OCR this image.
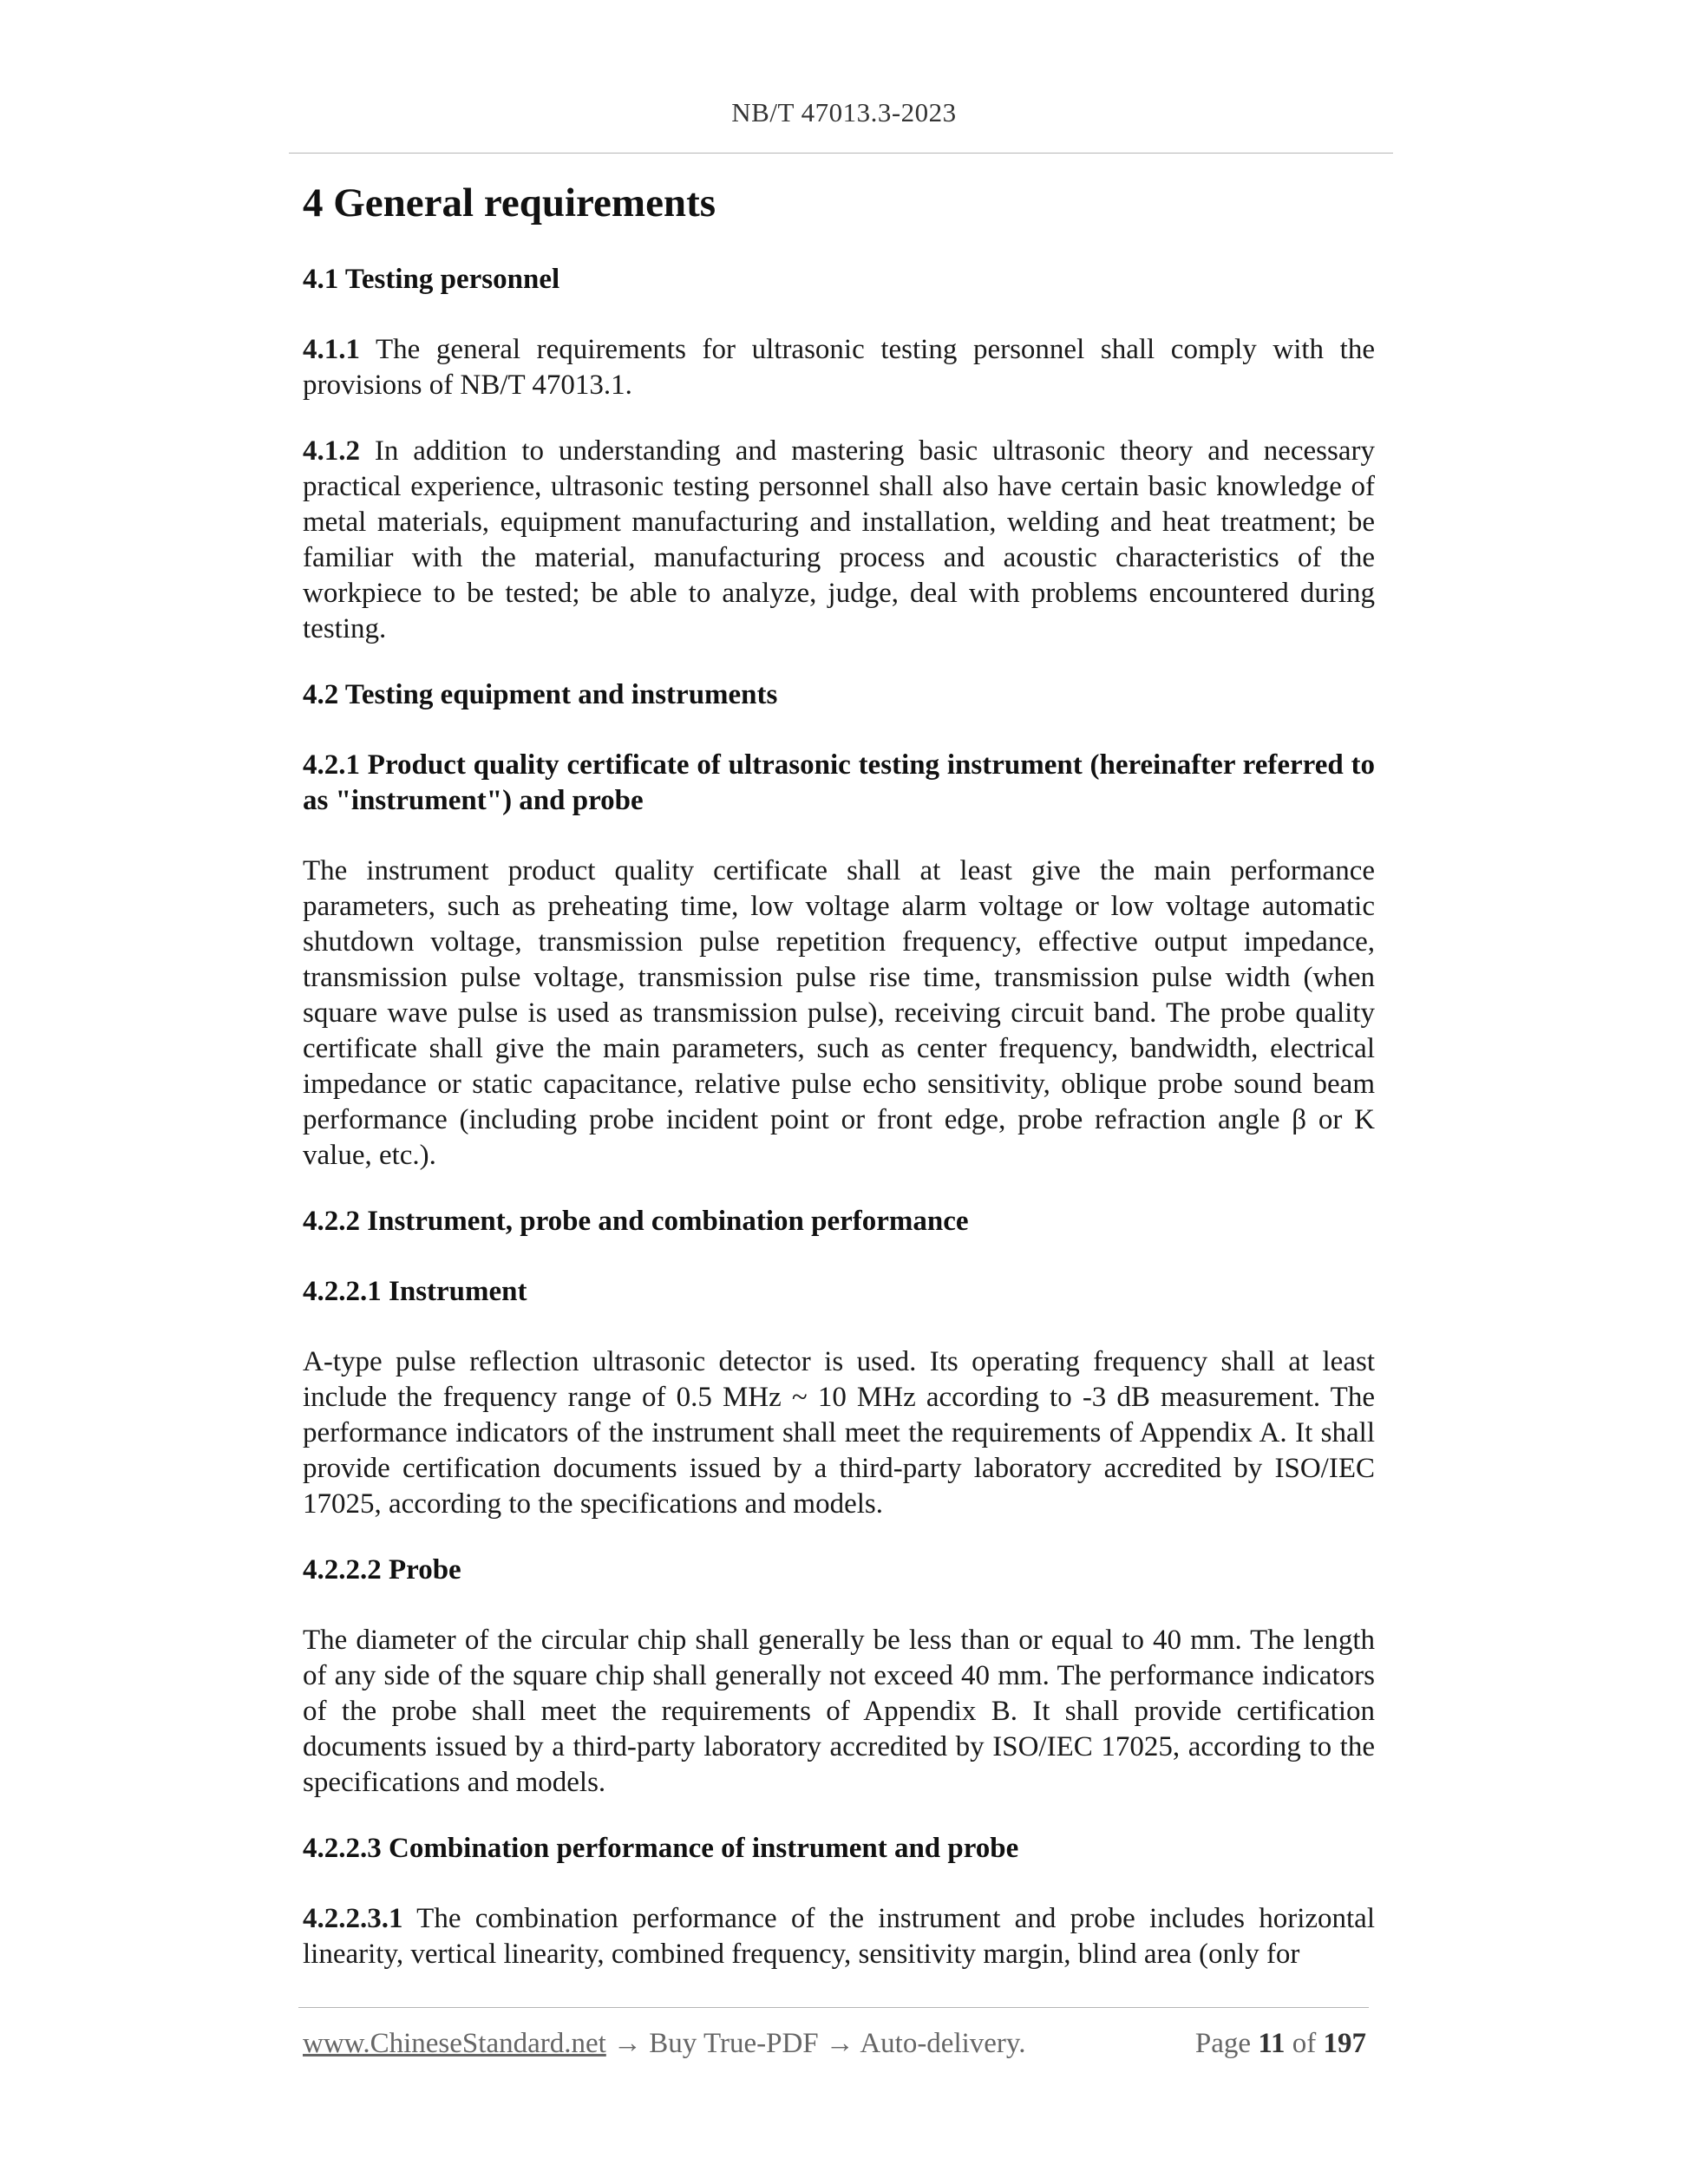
NB/T 47013.3-2023
4 General requirements
4.1 Testing personnel

4.1.1 The general requirements for ultrasonic testing personnel shall comply with the provisions of NB/T 47013.1.

4.1.2 In addition to understanding and mastering basic ultrasonic theory and necessary practical experience, ultrasonic testing personnel shall also have certain basic knowledge of metal materials, equipment manufacturing and installation, welding and heat treatment; be familiar with the material, manufacturing process and acoustic characteristics of the workpiece to be tested; be able to analyze, judge, deal with problems encountered during testing.

4.2 Testing equipment and instruments
4.2.1 Product quality certificate of ultrasonic testing instrument (hereinafter referred to as "instrument") and probe

The instrument product quality certificate shall at least give the main performance parameters, such as preheating time, low voltage alarm voltage or low voltage automatic shutdown voltage, transmission pulse repetition frequency, effective output impedance, transmission pulse voltage, transmission pulse rise time, transmission pulse width (when square wave pulse is used as transmission pulse), receiving circuit band. The probe quality certificate shall give the main parameters, such as center frequency, bandwidth, electrical impedance or static capacitance, relative pulse echo sensitivity, oblique probe sound beam performance (including probe incident point or front edge, probe refraction angle β or K value, etc.).

4.2.2 Instrument, probe and combination performance
4.2.2.1 Instrument

A-type pulse reflection ultrasonic detector is used. Its operating frequency shall at least include the frequency range of 0.5 MHz ~ 10 MHz according to -3 dB measurement. The performance indicators of the instrument shall meet the requirements of Appendix A. It shall provide certification documents issued by a third-party laboratory accredited by ISO/IEC 17025, according to the specifications and models.

4.2.2.2 Probe

The diameter of the circular chip shall generally be less than or equal to 40 mm. The length of any side of the square chip shall generally not exceed 40 mm. The performance indicators of the probe shall meet the requirements of Appendix B. It shall provide certification documents issued by a third-party laboratory accredited by ISO/IEC 17025, according to the specifications and models.

4.2.2.3 Combination performance of instrument and probe

4.2.2.3.1 The combination performance of the instrument and probe includes horizontal linearity, vertical linearity, combined frequency, sensitivity margin, blind area (only for

www.ChineseStandard.net → Buy True-PDF → Auto-delivery.	Page 11 of 197
